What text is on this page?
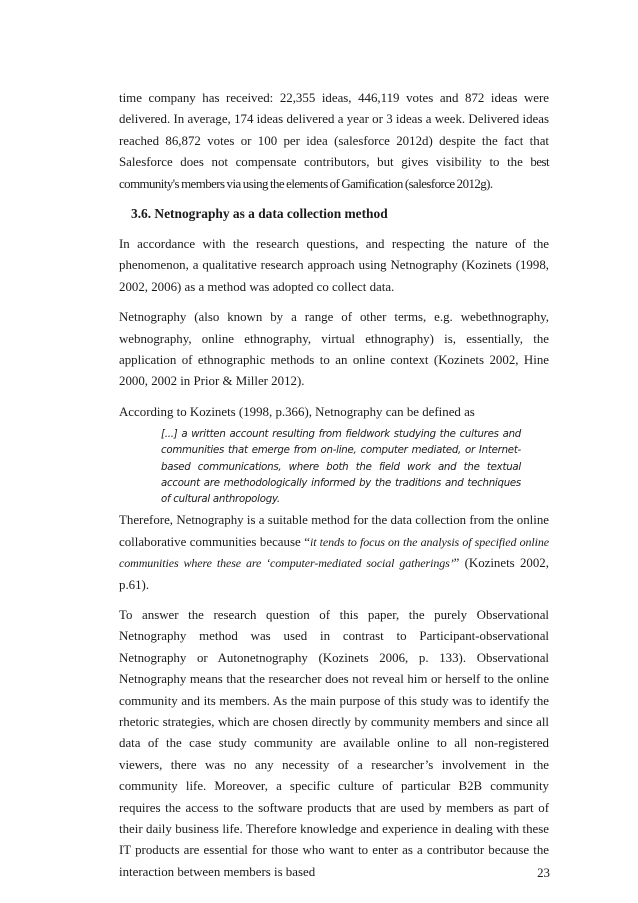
time company has received: 22,355 ideas, 446,119 votes and 872 ideas were delivered. In average, 174 ideas delivered a year or 3 ideas a week. Delivered ideas reached 86,872 votes or 100 per idea (salesforce 2012d) despite the fact that Salesforce does not compensate contributors, but gives visibility to the best community's members via using the elements of Gamification (salesforce 2012g).

3.6. Netnography as a data collection method

In accordance with the research questions, and respecting the nature of the phenomenon, a qualitative research approach using Netnography (Kozinets (1998, 2002, 2006) as a method was adopted co collect data.

Netnography (also known by a range of other terms, e.g. webethnography, webnography, online ethnography, virtual ethnography) is, essentially, the application of ethnographic methods to an online context (Kozinets 2002, Hine 2000, 2002 in Prior & Miller 2012).

According to Kozinets (1998, p.366), Netnography can be defined as

[...] a written account resulting from fieldwork studying the cultures and communities that emerge from on-line, computer mediated, or Internet-based communications, where both the field work and the textual account are methodologically informed by the traditions and techniques of cultural anthropology.

Therefore, Netnography is a suitable method for the data collection from the online collaborative communities because “it tends to focus on the analysis of specified online communities where these are ‘computer-mediated social gatherings’” (Kozinets 2002, p.61).

To answer the research question of this paper, the purely Observational Netnography method was used in contrast to Participant-observational Netnography or Autonetnography (Kozinets 2006, p. 133). Observational Netnography means that the researcher does not reveal him or herself to the online community and its members. As the main purpose of this study was to identify the rhetoric strategies, which are chosen directly by community members and since all data of the case study community are available online to all non-registered viewers, there was no any necessity of a researcher’s involvement in the community life. Moreover, a specific culture of particular B2B community requires the access to the software products that are used by members as part of their daily business life. Therefore knowledge and experience in dealing with these IT products are essential for those who want to enter as a contributor because the interaction between members is based	23
